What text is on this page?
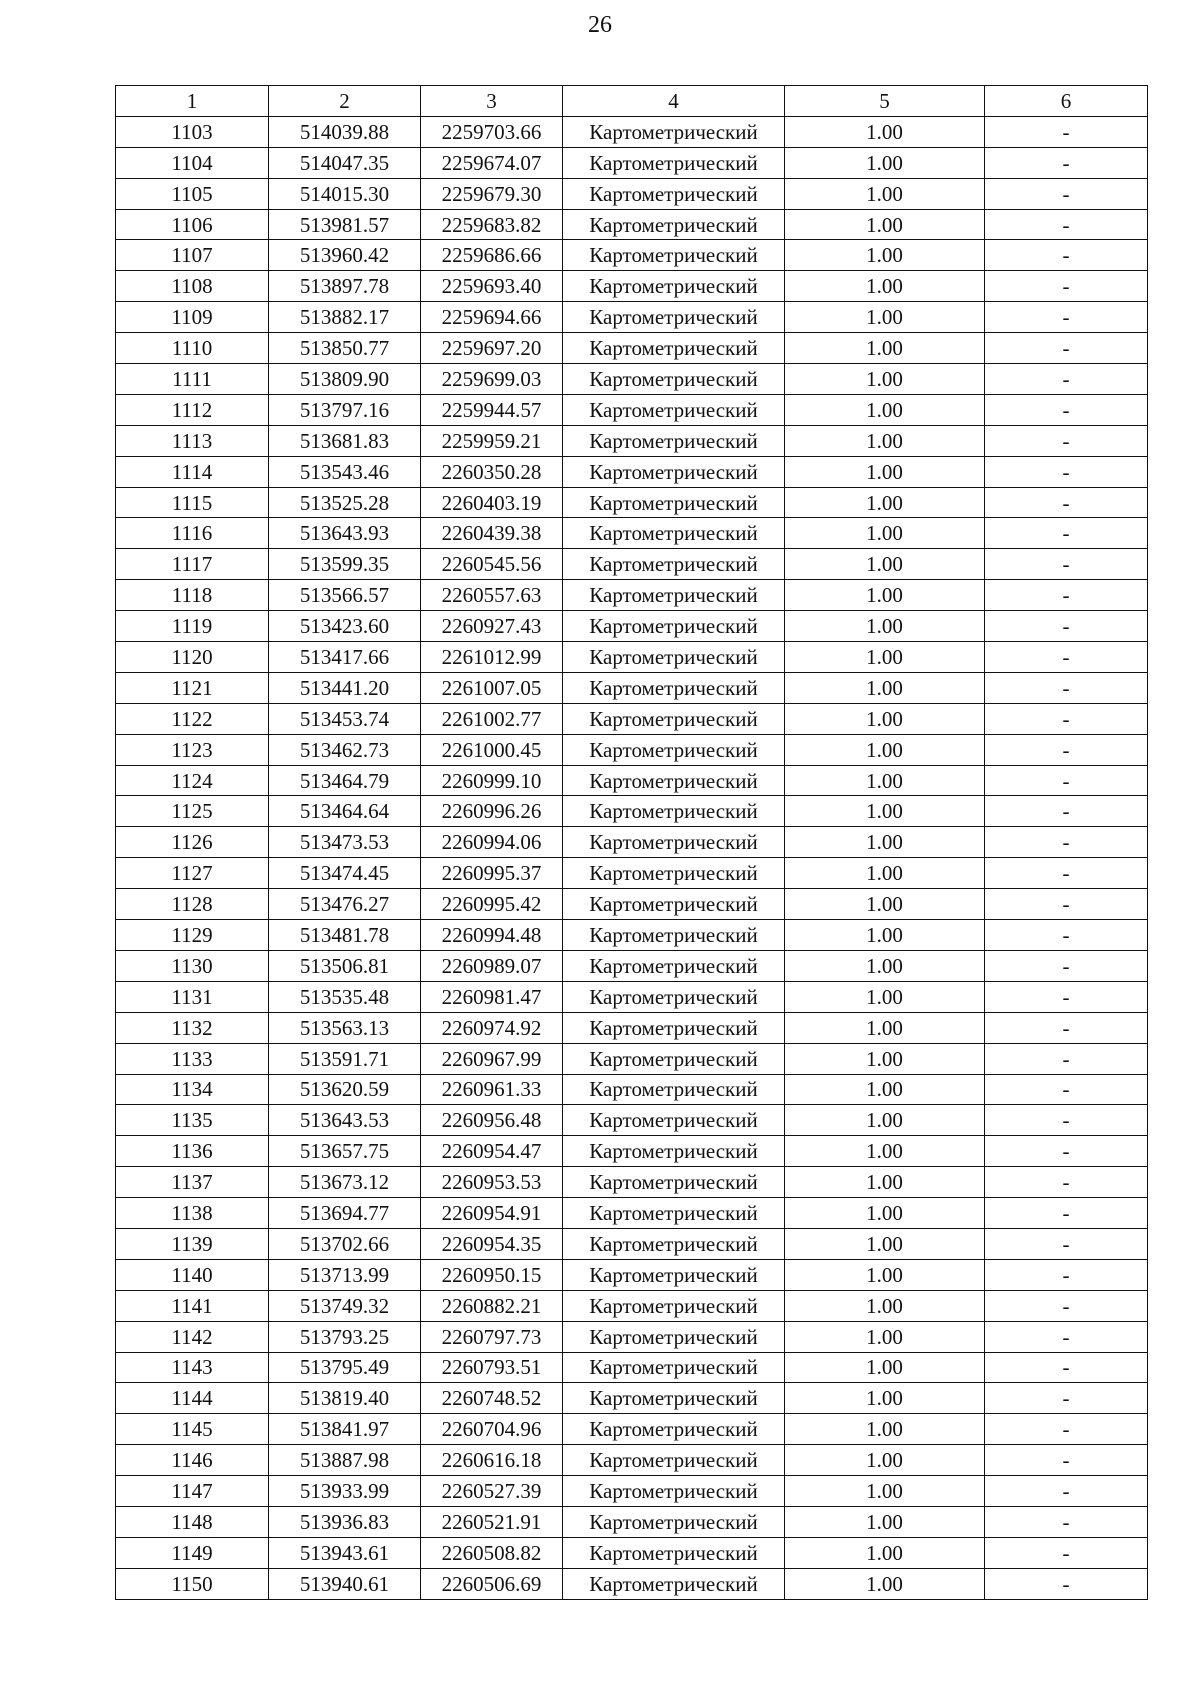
26
1	2	3	4	5	6
1103	514039.88	2259703.66	Картометрический	1.00	-
1104	514047.35	2259674.07	Картометрический	1.00	-
1105	514015.30	2259679.30	Картометрический	1.00	-
1106	513981.57	2259683.82	Картометрический	1.00	-
1107	513960.42	2259686.66	Картометрический	1.00	-
1108	513897.78	2259693.40	Картометрический	1.00	-
1109	513882.17	2259694.66	Картометрический	1.00	-
1110	513850.77	2259697.20	Картометрический	1.00	-
1111	513809.90	2259699.03	Картометрический	1.00	-
1112	513797.16	2259944.57	Картометрический	1.00	-
1113	513681.83	2259959.21	Картометрический	1.00	-
1114	513543.46	2260350.28	Картометрический	1.00	-
1115	513525.28	2260403.19	Картометрический	1.00	-
1116	513643.93	2260439.38	Картометрический	1.00	-
1117	513599.35	2260545.56	Картометрический	1.00	-
1118	513566.57	2260557.63	Картометрический	1.00	-
1119	513423.60	2260927.43	Картометрический	1.00	-
1120	513417.66	2261012.99	Картометрический	1.00	-
1121	513441.20	2261007.05	Картометрический	1.00	-
1122	513453.74	2261002.77	Картометрический	1.00	-
1123	513462.73	2261000.45	Картометрический	1.00	-
1124	513464.79	2260999.10	Картометрический	1.00	-
1125	513464.64	2260996.26	Картометрический	1.00	-
1126	513473.53	2260994.06	Картометрический	1.00	-
1127	513474.45	2260995.37	Картометрический	1.00	-
1128	513476.27	2260995.42	Картометрический	1.00	-
1129	513481.78	2260994.48	Картометрический	1.00	-
1130	513506.81	2260989.07	Картометрический	1.00	-
1131	513535.48	2260981.47	Картометрический	1.00	-
1132	513563.13	2260974.92	Картометрический	1.00	-
1133	513591.71	2260967.99	Картометрический	1.00	-
1134	513620.59	2260961.33	Картометрический	1.00	-
1135	513643.53	2260956.48	Картометрический	1.00	-
1136	513657.75	2260954.47	Картометрический	1.00	-
1137	513673.12	2260953.53	Картометрический	1.00	-
1138	513694.77	2260954.91	Картометрический	1.00	-
1139	513702.66	2260954.35	Картометрический	1.00	-
1140	513713.99	2260950.15	Картометрический	1.00	-
1141	513749.32	2260882.21	Картометрический	1.00	-
1142	513793.25	2260797.73	Картометрический	1.00	-
1143	513795.49	2260793.51	Картометрический	1.00	-
1144	513819.40	2260748.52	Картометрический	1.00	-
1145	513841.97	2260704.96	Картометрический	1.00	-
1146	513887.98	2260616.18	Картометрический	1.00	-
1147	513933.99	2260527.39	Картометрический	1.00	-
1148	513936.83	2260521.91	Картометрический	1.00	-
1149	513943.61	2260508.82	Картометрический	1.00	-
1150	513940.61	2260506.69	Картометрический	1.00	-
